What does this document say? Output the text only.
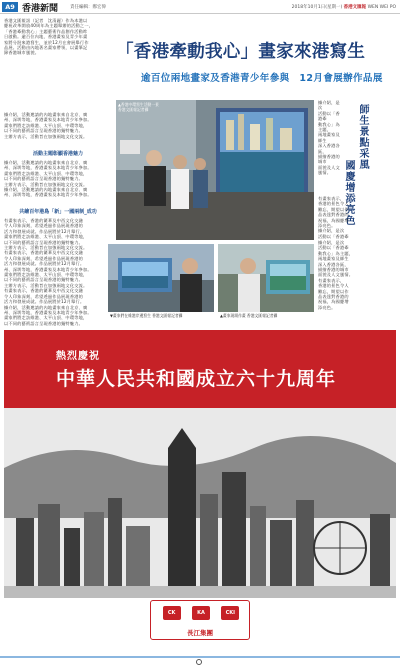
A9 香港新聞	責任編輯：鄭宏偉	2018年10月1日(星期一) 香港文匯報 WEN WEI PO

香港文匯報訊（記者　沈清麗）作為本港以

慶祝改革開放40周年為主題舉辦的活動之一，

「香港牽動我心」主題藝術作品創作活動昨

日啟動。逾百位內地、香港畫家及青少年畫

家將分批來港寫生，並於12月在會展舉行作

品展。活動由內地著名畫家帶領，以畫筆記

錄香港城市風貌。	「香港牽動我心」畫家來港寫生
逾百位兩地畫家及香港青少年參與　12月會展辦作品展

據介紹，活動邀請的內地畫家來自北京、廣

州、深圳等地，香港畫家及本地青少年參加。

畫家們將走訪維港、太平山頂、中環等地，

以不同的藝術語言呈現香港的獨特魅力。

主辦方表示，活動旨在加強兩地文化交流。

活動主題彰顯香港魅力

據介紹，活動邀請的內地畫家來自北京、廣

州、深圳等地，香港畫家及本地青少年參加。

畫家們將走訪維港、太平山頂、中環等地，

以不同的藝術語言呈現香港的獨特魅力。

主辦方表示，活動旨在加強兩地文化交流。

據介紹，活動邀請的內地畫家來自北京、廣

州、深圳等地，香港畫家及本地青少年參加。

共繪百年港島「新」一國兩制_成功

有畫家表示，香港的繁華及中西文化交融

令人印象深刻，希望透過作品展現香港的

活力和發展成就。作品展將於12月舉行。

畫家們將走訪維港、太平山頂、中環等地，

以不同的藝術語言呈現香港的獨特魅力。

主辦方表示，活動旨在加強兩地文化交流。

有畫家表示，香港的繁華及中西文化交融

令人印象深刻，希望透過作品展現香港的

活力和發展成就。作品展將於12月舉行。

州、深圳等地，香港畫家及本地青少年參加。

畫家們將走訪維港、太平山頂、中環等地，

以不同的藝術語言呈現香港的獨特魅力。

主辦方表示，活動旨在加強兩地文化交流。

有畫家表示，香港的繁華及中西文化交融

令人印象深刻，希望透過作品展現香港的

活力和發展成就。作品展將於12月舉行。

據介紹，活動邀請的內地畫家來自北京、廣

州、深圳等地，香港畫家及本地青少年參加。

畫家們將走訪維港、太平山頂、中環等地，

以不同的藝術語言呈現香港的獨特魅力。

▲香港中環寫生活動一景
香港文匯報記者攝
▼畫家們在維港岸邊寫生 香港文匯報記者攝	▲畫家現場作畫 香港文匯報記者攝
師生景點采風
國慶增添亮色

據介紹，是次

活動以「香港牽

動我心」為主題，

兩地畫家及師生

深入香港各區，

描繪香港的城市

面貌及人文風情。

據介紹，是次

活動以「香港牽

動我心」為主題，

兩地畫家及師生

深入香港各區，

描繪香港的城市

面貌及人文風情。

有畫家表示，

香港的景色令人

難忘，期望以作

品表達對香港的

祝福，為國慶增

添亮色。

有畫家表示，

香港的景色令人

難忘，期望以作

品表達對香港的

祝福，為國慶增

添亮色。

據介紹，是次

活動以「香港牽

熱烈慶祝
中華人民共和國成立六十九周年
CK	KA	CKI
長江集團
